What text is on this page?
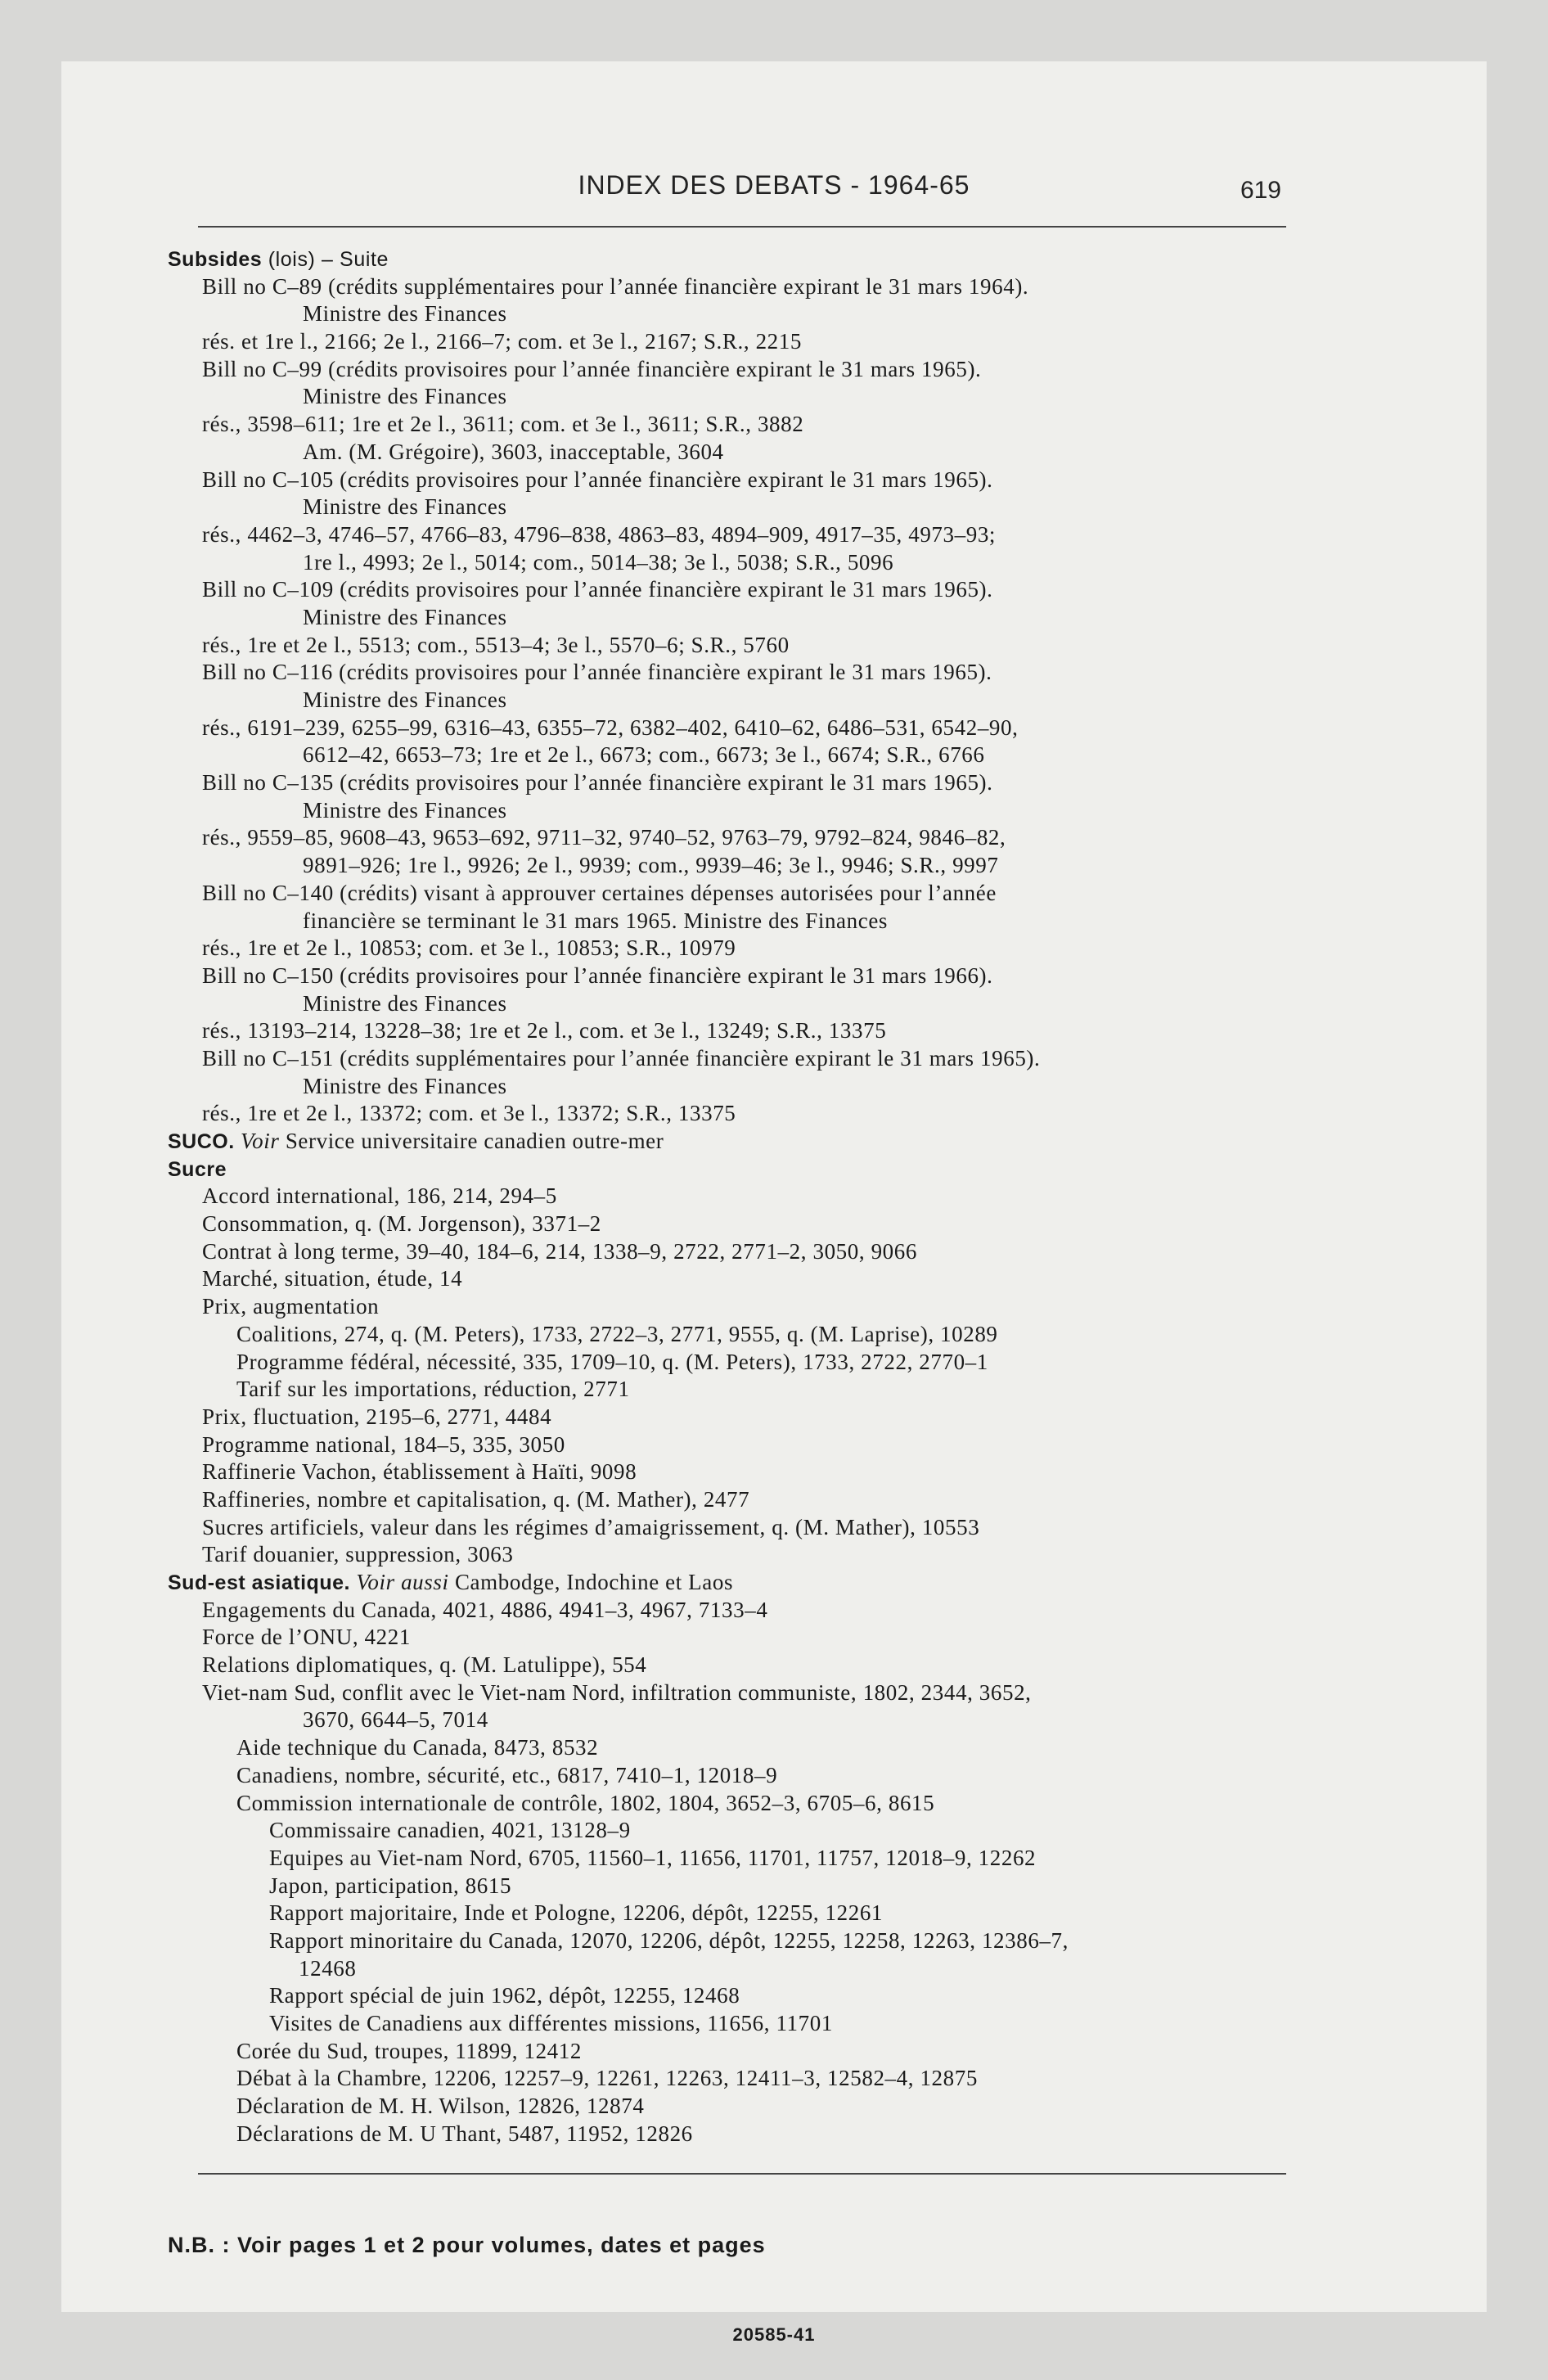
INDEX DES DEBATS - 1964-65	619
Subsides (lois) – Suite
Bill no C–89 (crédits supplémentaires pour l’année financière expirant le 31 mars 1964).
Ministre des Finances
rés. et 1re l., 2166; 2e l., 2166–7; com. et 3e l., 2167; S.R., 2215
Bill no C–99 (crédits provisoires pour l’année financière expirant le 31 mars 1965).
Ministre des Finances
rés., 3598–611; 1re et 2e l., 3611; com. et 3e l., 3611; S.R., 3882
Am. (M. Grégoire), 3603, inacceptable, 3604
Bill no C–105 (crédits provisoires pour l’année financière expirant le 31 mars 1965).
Ministre des Finances
rés., 4462–3, 4746–57, 4766–83, 4796–838, 4863–83, 4894–909, 4917–35, 4973–93;
1re l., 4993; 2e l., 5014; com., 5014–38; 3e l., 5038; S.R., 5096
Bill no C–109 (crédits provisoires pour l’année financière expirant le 31 mars 1965).
Ministre des Finances
rés., 1re et 2e l., 5513; com., 5513–4; 3e l., 5570–6; S.R., 5760
Bill no C–116 (crédits provisoires pour l’année financière expirant le 31 mars 1965).
Ministre des Finances
rés., 6191–239, 6255–99, 6316–43, 6355–72, 6382–402, 6410–62, 6486–531, 6542–90,
6612–42, 6653–73; 1re et 2e l., 6673; com., 6673; 3e l., 6674; S.R., 6766
Bill no C–135 (crédits provisoires pour l’année financière expirant le 31 mars 1965).
Ministre des Finances
rés., 9559–85, 9608–43, 9653–692, 9711–32, 9740–52, 9763–79, 9792–824, 9846–82,
9891–926; 1re l., 9926; 2e l., 9939; com., 9939–46; 3e l., 9946; S.R., 9997
Bill no C–140 (crédits) visant à approuver certaines dépenses autorisées pour l’année
financière se terminant le 31 mars 1965. Ministre des Finances
rés., 1re et 2e l., 10853; com. et 3e l., 10853; S.R., 10979
Bill no C–150 (crédits provisoires pour l’année financière expirant le 31 mars 1966).
Ministre des Finances
rés., 13193–214, 13228–38; 1re et 2e l., com. et 3e l., 13249; S.R., 13375
Bill no C–151 (crédits supplémentaires pour l’année financière expirant le 31 mars 1965).
Ministre des Finances
rés., 1re et 2e l., 13372; com. et 3e l., 13372; S.R., 13375
SUCO. Voir Service universitaire canadien outre-mer
Sucre
Accord international, 186, 214, 294–5
Consommation, q. (M. Jorgenson), 3371–2
Contrat à long terme, 39–40, 184–6, 214, 1338–9, 2722, 2771–2, 3050, 9066
Marché, situation, étude, 14
Prix, augmentation
Coalitions, 274, q. (M. Peters), 1733, 2722–3, 2771, 9555, q. (M. Laprise), 10289
Programme fédéral, nécessité, 335, 1709–10, q. (M. Peters), 1733, 2722, 2770–1
Tarif sur les importations, réduction, 2771
Prix, fluctuation, 2195–6, 2771, 4484
Programme national, 184–5, 335, 3050
Raffinerie Vachon, établissement à Haïti, 9098
Raffineries, nombre et capitalisation, q. (M. Mather), 2477
Sucres artificiels, valeur dans les régimes d’amaigrissement, q. (M. Mather), 10553
Tarif douanier, suppression, 3063
Sud-est asiatique. Voir aussi Cambodge, Indochine et Laos
Engagements du Canada, 4021, 4886, 4941–3, 4967, 7133–4
Force de l’ONU, 4221
Relations diplomatiques, q. (M. Latulippe), 554
Viet-nam Sud, conflit avec le Viet-nam Nord, infiltration communiste, 1802, 2344, 3652,
3670, 6644–5, 7014
Aide technique du Canada, 8473, 8532
Canadiens, nombre, sécurité, etc., 6817, 7410–1, 12018–9
Commission internationale de contrôle, 1802, 1804, 3652–3, 6705–6, 8615
Commissaire canadien, 4021, 13128–9
Equipes au Viet-nam Nord, 6705, 11560–1, 11656, 11701, 11757, 12018–9, 12262
Japon, participation, 8615
Rapport majoritaire, Inde et Pologne, 12206, dépôt, 12255, 12261
Rapport minoritaire du Canada, 12070, 12206, dépôt, 12255, 12258, 12263, 12386–7,
12468
Rapport spécial de juin 1962, dépôt, 12255, 12468
Visites de Canadiens aux différentes missions, 11656, 11701
Corée du Sud, troupes, 11899, 12412
Débat à la Chambre, 12206, 12257–9, 12261, 12263, 12411–3, 12582–4, 12875
Déclaration de M. H. Wilson, 12826, 12874
Déclarations de M. U Thant, 5487, 11952, 12826
N.B. : Voir pages 1 et 2 pour volumes, dates et pages
20585-41
